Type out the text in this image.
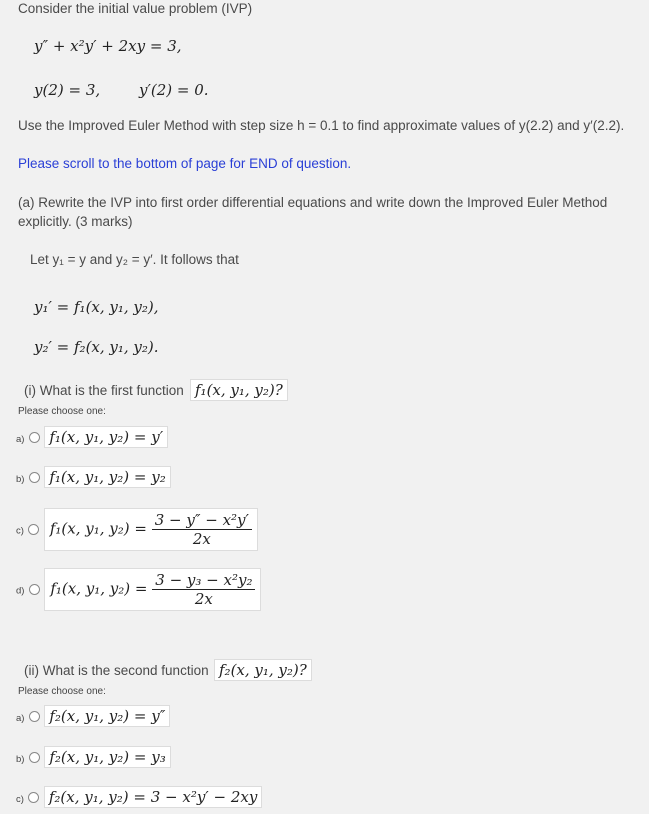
Consider the initial value problem (IVP)
y″ + x²y′ + 2xy = 3,
y(2) = 3,	y′(2) = 0.
Use the Improved Euler Method with step size h = 0.1 to find approximate values of y(2.2) and y′(2.2).
Please scroll to the bottom of page for END of question.
(a) Rewrite the IVP into first order differential equations and write down the Improved Euler Method
explicitly. (3 marks)
Let y₁ = y and y₂ = y′. It follows that
y₁′ = f₁(x, y₁, y₂),
y₂′ = f₂(x, y₁, y₂).
(i) What is the first function f₁(x, y₁, y₂)?
Please choose one:
a) f₁(x, y₁, y₂) = y′
b) f₁(x, y₁, y₂) = y₂
c) f₁(x, y₁, $y_2) = \frac{\text{3 − y″ − x²y′}}{2x}$
d) f₁(x, y₁, $y_2) = \frac{\text{3 − y₃ − x²y₂}}{2x}$
(ii) What is the second function f₂(x, y₁, y₂)?
Please choose one:
a) f₂(x, y₁, y₂) = y″
b) f₂(x, y₁, y₂) = y₃
c) f₂(x, y₁, y₂) = 3 − x²y′ − 2xy
